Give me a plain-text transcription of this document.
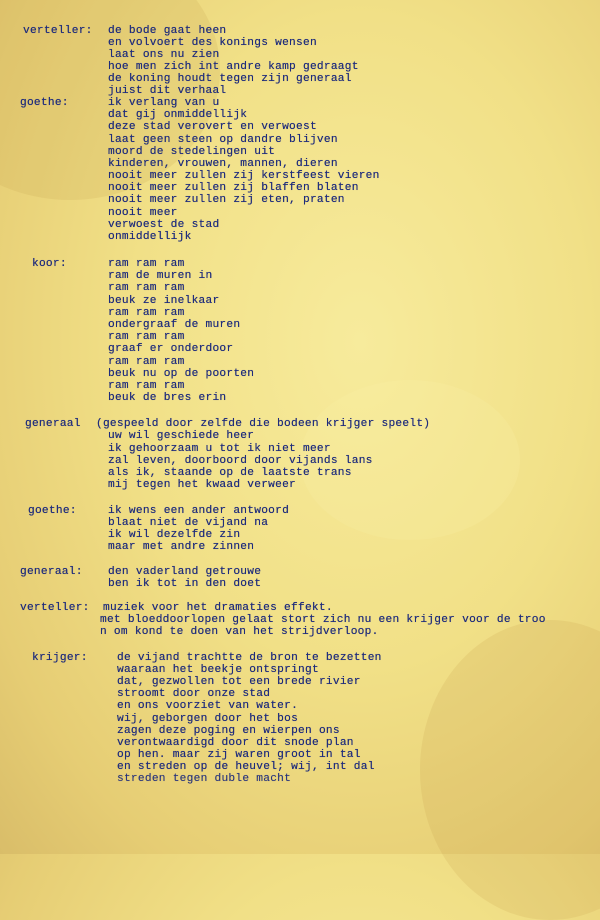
verteller: de bode gaat heen
en volvoert des konings wensen
laat ons nu zien
hoe men zich int andre kamp gedraagt
de koning houdt tegen zijn generaal
juist dit verhaal
goethe:	ik verlang van u
dat gij onmiddellijk
deze stad verovert en verwoest
laat geen steen op dandre blijven
moord de stedelingen uit
kinderen, vrouwen, mannen, dieren
nooit meer zullen zij kerstfeest vieren
nooit meer zullen zij blaffen blaten
nooit meer zullen zij eten, praten
nooit meer
verwoest de stad
onmiddellijk
koor:	ram ram ram
ram de muren in
ram ram ram
beuk ze inelkaar
ram ram ram
ondergraaf de muren
ram ram ram
graaf er onderdoor
ram ram ram
beuk nu op de poorten
ram ram ram
beuk de bres erin
generaal (gespeeld door zelfde die bodeen krijger speelt)
uw wil geschiede heer
ik gehoorzaam u tot ik niet meer
zal leven, doorboord door vijands lans
als ik, staande op de laatste trans
mij tegen het kwaad verweer
goethe:	ik wens een ander antwoord
blaat niet de vijand na
ik wil dezelfde zin
maar met andre zinnen
generaal: den vaderland getrouwe
ben ik tot in den doet
verteller: muziek voor het dramaties effekt.
met bloeddoorlopen gelaat stort zich nu een krijger voor de troo
n om kond te doen van het strijdverloop.
krijger:	de vijand trachtte de bron te bezetten
waaraan het beekje ontspringt
dat, gezwollen tot een brede rivier
stroomt door onze stad
en ons voorziet van water.
wij, geborgen door het bos
zagen deze poging en wierpen ons
verontwaardigd door dit snode plan
op hen. maar zij waren groot in tal
en streden op de heuvel; wij, int dal
streden tegen duble macht
